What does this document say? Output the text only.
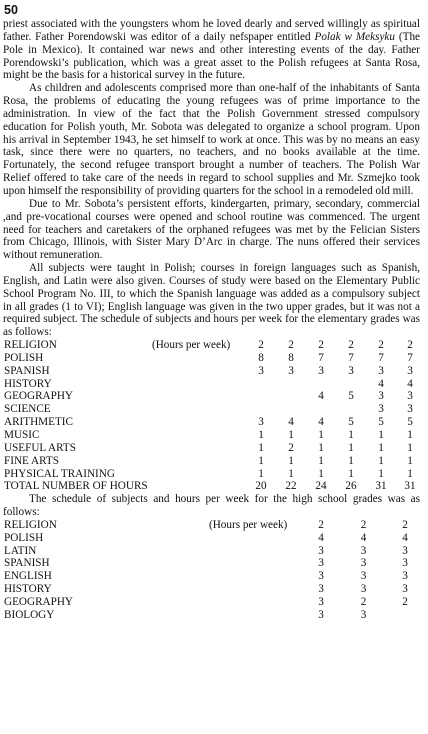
50

priest associated with the youngsters whom he loved dearly and served willingly as spiritual father. Father Porendowski was editor of a daily nefspaper entitled Polak w Meksyku (The Pole in Mexico). It contained war news and other interesting events of the day. Father Porendowski’s publication, which was a great asset to the Polish refugees at Santa Rosa, might be the basis for a historical survey in the future.

As children and adolescents comprised more than one-half of the inhabitants of Santa Rosa, the problems of educating the young refugees was of prime importance to the administration. In view of the fact that the Polish Government stressed compulsory education for Polish youth, Mr. Sobota was delegated to organize a school program. Upon his arrival in September 1943, he set himself to work at once. This was by no means an easy task, since there were no quarters, no teachers, and no books available at the time. Fortunately, the second refugee transport brought a number of teachers. The Polish War Relief offered to take care of the needs in regard to school supplies and Mr. Szmejko took upon himself the responsibility of providing quarters for the school in a remodeled old mill.

Due to Mr. Sobota’s persistent efforts, kindergarten, primary, secondary, commercial ,and pre-vocational courses were opened and school routine was commenced. The urgent need for teachers and caretakers of the orphaned refugees was met by the Felician Sisters from Chicago, Illinois, with Sister Mary D’Arc in charge. The nuns offered their services without remuneration.

All subjects were taught in Polish; courses in foreign languages such as Spanish, English, and Latin were also given. Courses of study were based on the Elementary Public School Program No. III, to which the Spanish language was added as a compulsory subject in all grades (1 to VI); English language was given in the two upper grades, but it was not a required subject. The schedule of subjects and hours per week for the elementary grades was as follows:

RELIGION	(Hours per week)	2	2	2	2	2	2
POLISH		8	8	7	7	7	7
SPANISH		3	3	3	3	3	3
HISTORY						4	4
GEOGRAPHY				4	5	3	3
SCIENCE						3	3
ARITHMETIC		3	4	4	5	5	5
MUSIC		1	1	1	1	1	1
USEFUL ARTS		1	2	1	1	1	1
FINE ARTS		1	1	1	1	1	1
PHYSICAL TRAINING		1	1	1	1	1	1
TOTAL NUMBER OF HOURS		20	22	24	26	31	31

The schedule of subjects and hours per week for the high school grades was as follows:

RELIGION	(Hours per week)	2	2	2
POLISH		4	4	4
LATIN		3	3	3
SPANISH		3	3	3
ENGLISH		3	3	3
HISTORY		3	3	3
GEOGRAPHY		3	2	2
BIOLOGY		3	3	
